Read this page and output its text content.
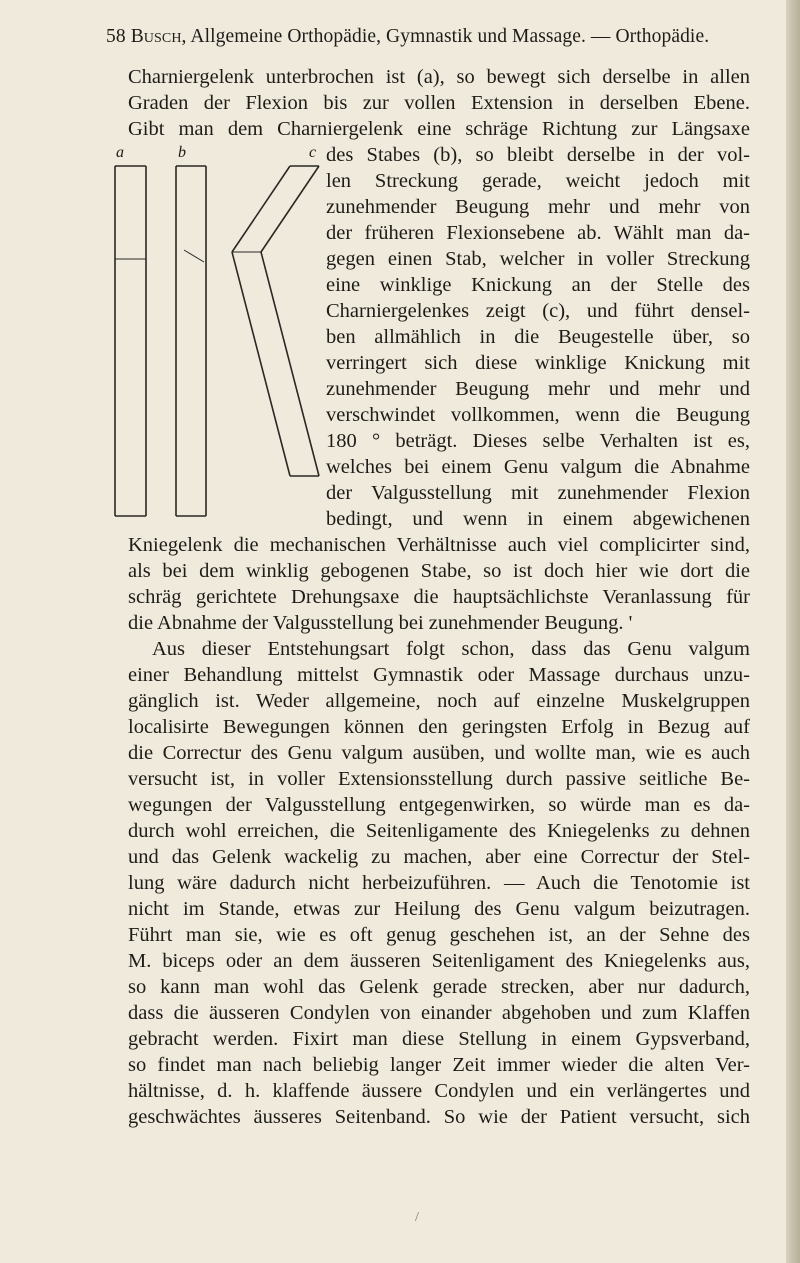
58 Busch, Allgemeine Orthopädie, Gymnastik und Massage. — Orthopädie.
a	b	c
Charniergelenk unterbrochen ist (a), so bewegt sich derselbe in allen
Graden der Flexion bis zur vollen Extension in derselben Ebene.
Gibt man dem Charniergelenk eine schräge Richtung zur Längsaxe
des Stabes (b), so bleibt derselbe in der vol-
len Streckung gerade, weicht jedoch mit
zunehmender Beugung mehr und mehr von
der früheren Flexionsebene ab. Wählt man da-
gegen einen Stab, welcher in voller Streckung
eine winklige Knickung an der Stelle des
Charniergelenkes zeigt (c), und führt densel-
ben allmählich in die Beugestelle über, so
verringert sich diese winklige Knickung mit
zunehmender Beugung mehr und mehr und
verschwindet vollkommen, wenn die Beugung
180 ° beträgt. Dieses selbe Verhalten ist es,
welches bei einem Genu valgum die Abnahme
der Valgusstellung mit zunehmender Flexion
bedingt, und wenn in einem abgewichenen
Kniegelenk die mechanischen Verhältnisse auch viel complicirter sind,
als bei dem winklig gebogenen Stabe, so ist doch hier wie dort die
schräg gerichtete Drehungsaxe die hauptsächlichste Veranlassung für
die Abnahme der Valgusstellung bei zunehmender Beugung. '
Aus dieser Entstehungsart folgt schon, dass das Genu valgum
einer Behandlung mittelst Gymnastik oder Massage durchaus unzu-
gänglich ist. Weder allgemeine, noch auf einzelne Muskelgruppen
localisirte Bewegungen können den geringsten Erfolg in Bezug auf
die Correctur des Genu valgum ausüben, und wollte man, wie es auch
versucht ist, in voller Extensionsstellung durch passive seitliche Be-
wegungen der Valgusstellung entgegenwirken, so würde man es da-
durch wohl erreichen, die Seitenligamente des Kniegelenks zu dehnen
und das Gelenk wackelig zu machen, aber eine Correctur der Stel-
lung wäre dadurch nicht herbeizuführen. — Auch die Tenotomie ist
nicht im Stande, etwas zur Heilung des Genu valgum beizutragen.
Führt man sie, wie es oft genug geschehen ist, an der Sehne des
M. biceps oder an dem äusseren Seitenligament des Kniegelenks aus,
so kann man wohl das Gelenk gerade strecken, aber nur dadurch,
dass die äusseren Condylen von einander abgehoben und zum Klaffen
gebracht werden. Fixirt man diese Stellung in einem Gypsverband,
so findet man nach beliebig langer Zeit immer wieder die alten Ver-
hältnisse, d. h. klaffende äussere Condylen und ein verlängertes und
geschwächtes äusseres Seitenband. So wie der Patient versucht, sich
/
